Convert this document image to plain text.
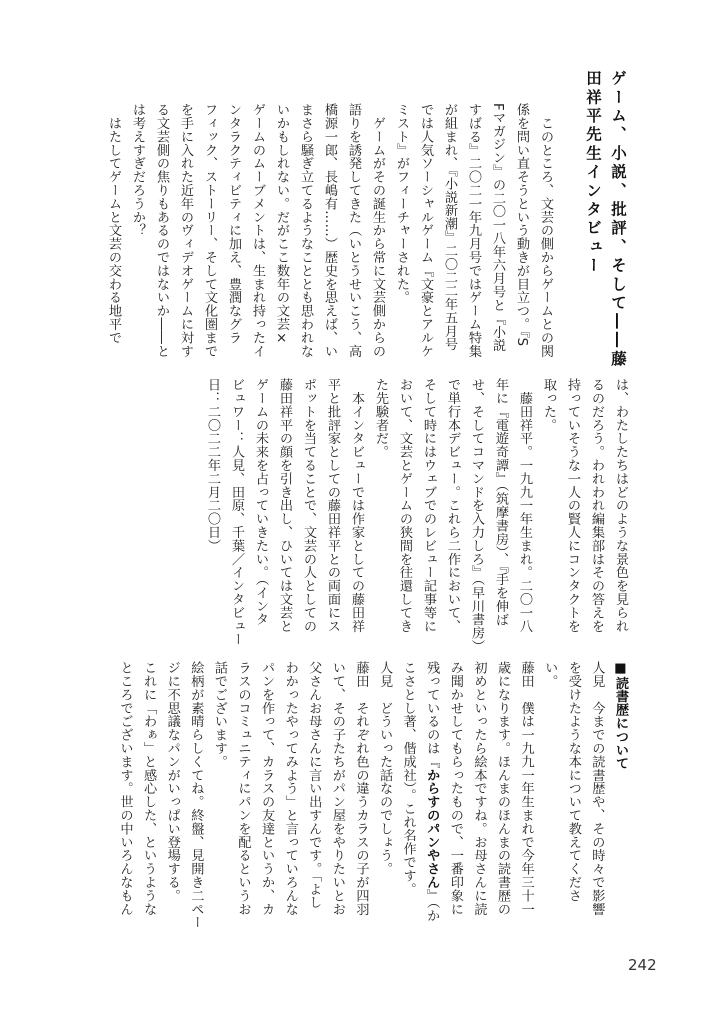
ゲーム、小説、批評、そして――藤
田祥平先生インタビュー
　このところ、文芸の側からゲームとの関
係を問い直そうという動きが目立つ。『S
Fマガジン』の二〇一八年六月号と『小説
すばる』二〇二一年九月号ではゲーム特集
が組まれ、『小説新潮』二〇二二年五月号
では人気ソーシャルゲーム『文豪とアルケ
ミスト』がフィーチャーされた。
　ゲームがその誕生から常に文芸側からの
語りを誘発してきた（いとうせいこう、高
橋源一郎、長嶋有……）歴史を思えば、い
まさら騒ぎ立てるようなこととも思われな
いかもしれない。だがここ数年の文芸×
ゲームのムーブメントは、生まれ持ったイ
ンタラクティビティに加え、豊潤なグラ
フィック、ストーリー、そして文化圏まで
を手に入れた近年のヴィデオゲームに対す
る文芸側の焦りもあるのではないか――と
は考えすぎだろうか？
　はたしてゲームと文芸の交わる地平で
は、わたしたちはどのような景色を見られ
るのだろう。われわれ編集部はその答えを
持っていそうな一人の賢人にコンタクトを
取った。
　藤田祥平。一九九一年生まれ。二〇一八
年に『電遊奇譚』（筑摩書房）、『手を伸ば
せ、そしてコマンドを入力しろ』（早川書房）
で単行本デビュー。これら二作において、
そして時にはウェブでのレビュー記事等に
おいて、文芸とゲームの狭間を往還してき
た先験者だ。
　本インタビューでは作家としての藤田祥
平と批評家としての藤田祥平との両面にス
ポットを当てることで、文芸の人としての
藤田祥平の顔を引き出し、ひいては文芸と
ゲームの未来を占っていきたい。（インタ
ビュワー：人見、田原、千葉／インタビュー
日：二〇二二年二月二〇日）
■読書歴について
人見　今までの読書歴や、その時々で影響
を受けたような本について教えてくださ
い。
藤田　僕は一九九一年生まれで今年三十一
歳になります。ほんまのほんまの読書歴の
初めといったら絵本ですね。お母さんに読
み聞かせしてもらったもので、一番印象に
残っているのは『からすのパンやさん』（か
こさとし著、偕成社）。これ名作です。
人見　どういった話なのでしょう。
藤田　それぞれ色の違うカラスの子が四羽
いて、その子たちがパン屋をやりたいとお
父さんお母さんに言い出すんです。「よし
わかったやってみよう」と言っていろんな
パンを作って、カラスの友達というか、カ
ラスのコミュニティにパンを配るというお
話でございます。
絵柄が素晴らしくてね。終盤、見開き二ペー
ジに不思議なパンがいっぱい登場する。
これに「わぁ」と感心した、というような
ところでございます。世の中いろんなもん
242
